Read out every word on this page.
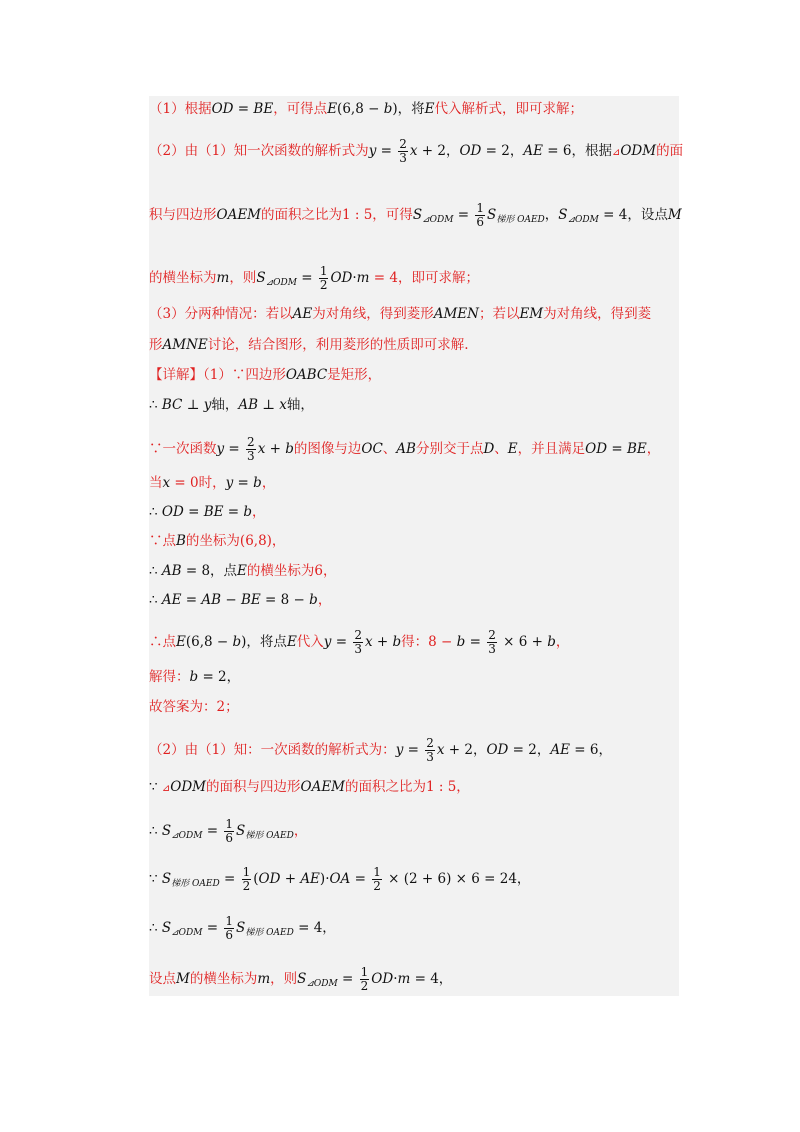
（1）根据OD = BE，可得点E(6,8 − b)，将E代入解析式，即可求解；
（2）由（1）知一次函数的解析式为$y = \frac{2}{3}$ x + 2，OD = 2，AE = 6，根据⊿ODM的面
积与四边形OAEM的面积之比为1 : 5，可得$S_{⊿ODM} = \frac{1}{6} S_{梯形 OAED}$，$S_{⊿ODM} = 4$，设点M
的横坐标为m，则$S_{⊿ODM} = \frac{1}{2} OD\cdot m = 4$，即可求解；
（3）分两种情况：若以AE为对角线，得到菱形AMEN；若以EM为对角线，得到菱
形AMNE讨论，结合图形，利用菱形的性质即可求解.
【详解】（1）∵四边形OABC是矩形，
∴ BC ⊥ y轴，AB ⊥ x轴，
∵一次函数$y = \frac{2}{3}$ x + b的图像与边OC、AB分别交于点D、E，并且满足OD = BE，
当x = 0时，y = b，
∴ OD = BE = b，
∵点B的坐标为(6,8)，
∴ AB = 8，点E的横坐标为6，
∴ AE = AB − BE = 8 − b，
∴点E(6,8 − b)，将点E代入$y = \frac{2}{3}$ x + b得：$8 - b = \frac{2}{3} \times 6 + b$，
解得：b = 2，
故答案为：2；
（2）由（1）知：一次函数的解析式为：$y = \frac{2}{3}$ x + 2，OD = 2，AE = 6，
∵ ⊿ODM的面积与四边形OAEM的面积之比为1 : 5，
∴ $S_{⊿ODM} = \frac{1}{6} S_{梯形 OAED}$，
∵ $S_{梯形 OAED} = \frac{1}{2} (OD + AE)\cdot OA = \frac{1}{2} \times (2 + 6) \times 6 = 24$，
∴ $S_{⊿ODM} = \frac{1}{6} S_{梯形 OAED} = 4$，
设点M的横坐标为m，则$S_{⊿ODM} = \frac{1}{2} OD\cdot m = 4$，
